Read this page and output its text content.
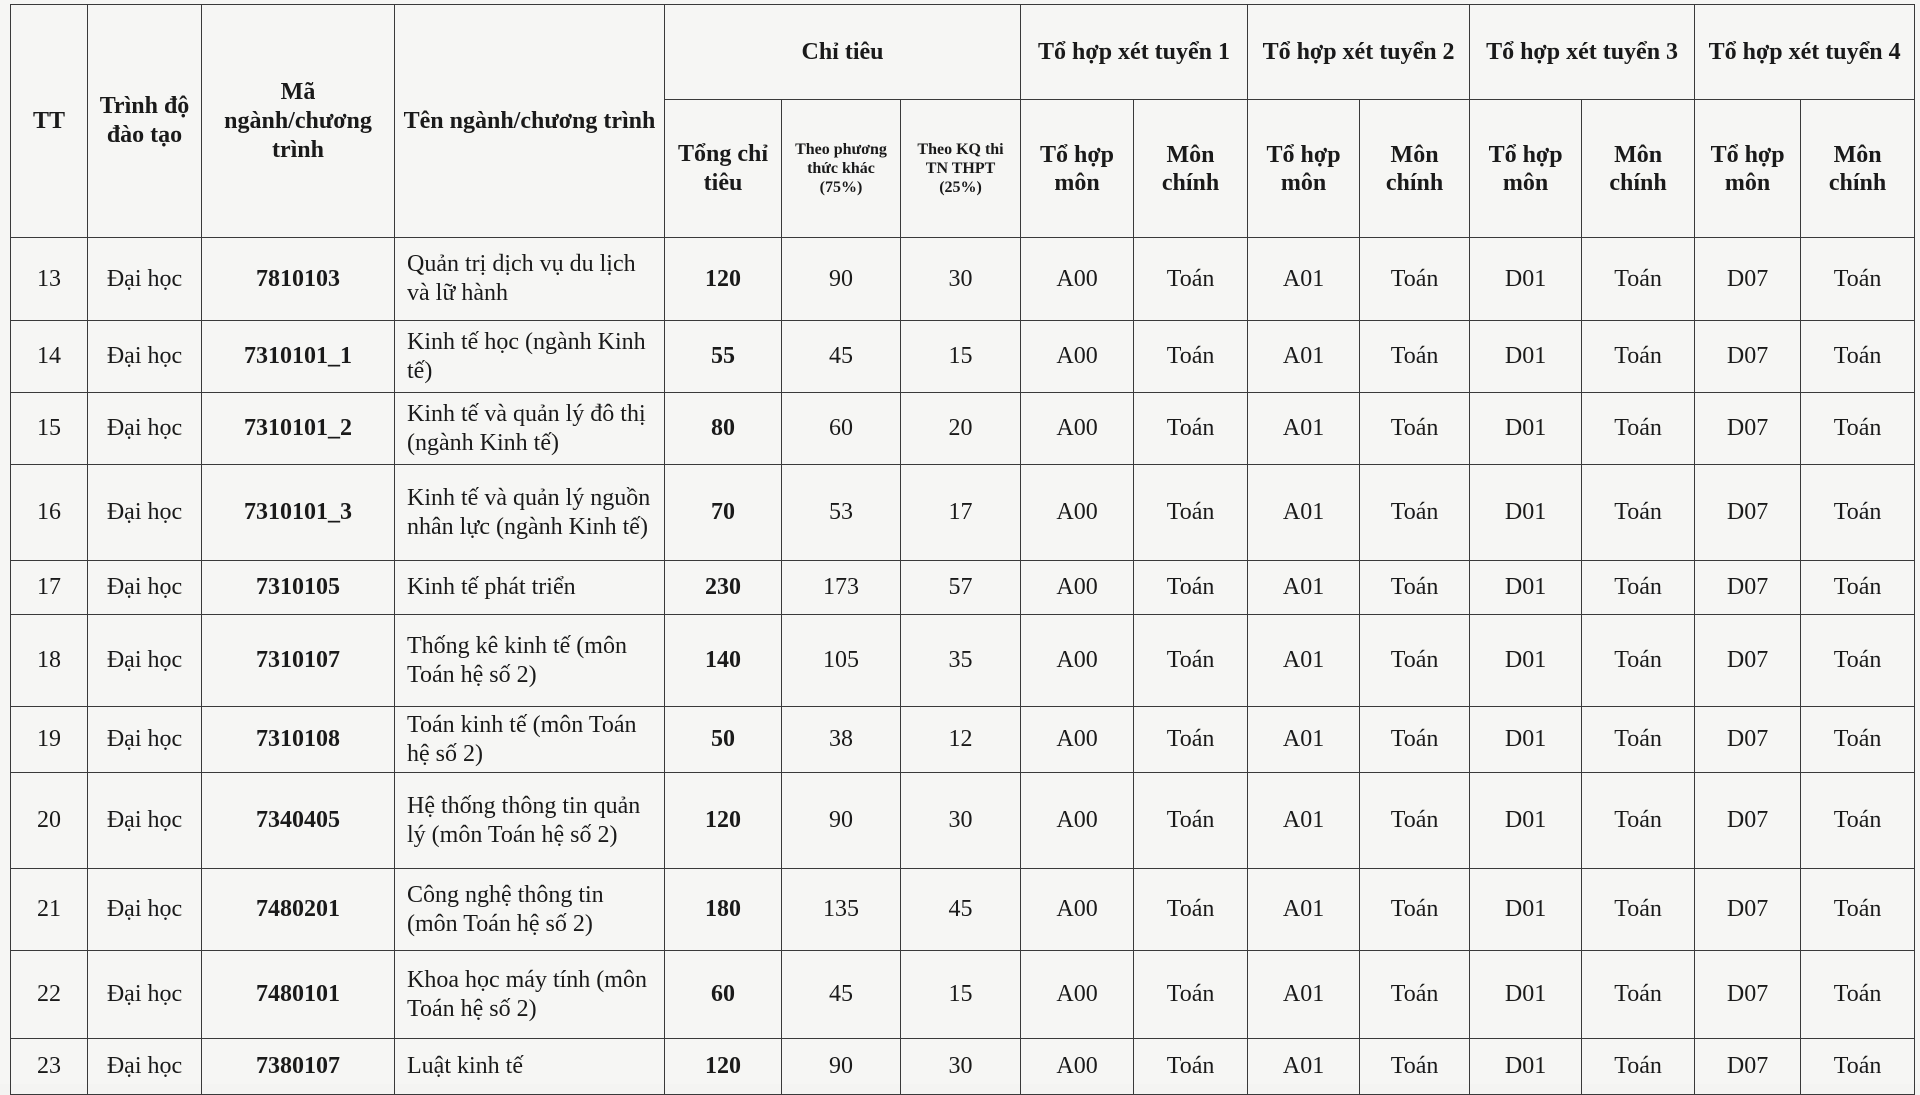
TT	Trình độ đào tạo	Mã ngành/chương trình	Tên ngành/chương trình	Chỉ tiêu			Tổ hợp xét tuyển 1		Tổ hợp xét tuyển 2		Tổ hợp xét tuyển 3		Tổ hợp xét tuyển 4	
				Tổng chỉ tiêu	Theo phương thức khác (75%)	Theo KQ thi TN THPT (25%)	Tổ hợp môn	Môn chính	Tổ hợp môn	Môn chính	Tổ hợp môn	Môn chính	Tổ hợp môn	Môn chính
13	Đại học	7810103	Quản trị dịch vụ du lịch và lữ hành	120	90	30	A00	Toán	A01	Toán	D01	Toán	D07	Toán
14	Đại học	7310101_1	Kinh tế học (ngành Kinh tế)	55	45	15	A00	Toán	A01	Toán	D01	Toán	D07	Toán
15	Đại học	7310101_2	Kinh tế và quản lý đô thị (ngành Kinh tế)	80	60	20	A00	Toán	A01	Toán	D01	Toán	D07	Toán
16	Đại học	7310101_3	Kinh tế và quản lý nguồn nhân lực (ngành Kinh tế)	70	53	17	A00	Toán	A01	Toán	D01	Toán	D07	Toán
17	Đại học	7310105	Kinh tế phát triển	230	173	57	A00	Toán	A01	Toán	D01	Toán	D07	Toán
18	Đại học	7310107	Thống kê kinh tế (môn Toán hệ số 2)	140	105	35	A00	Toán	A01	Toán	D01	Toán	D07	Toán
19	Đại học	7310108	Toán kinh tế (môn Toán hệ số 2)	50	38	12	A00	Toán	A01	Toán	D01	Toán	D07	Toán
20	Đại học	7340405	Hệ thống thông tin quản lý (môn Toán hệ số 2)	120	90	30	A00	Toán	A01	Toán	D01	Toán	D07	Toán
21	Đại học	7480201	Công nghệ thông tin (môn Toán hệ số 2)	180	135	45	A00	Toán	A01	Toán	D01	Toán	D07	Toán
22	Đại học	7480101	Khoa học máy tính (môn Toán hệ số 2)	60	45	15	A00	Toán	A01	Toán	D01	Toán	D07	Toán
23	Đại học	7380107	Luật kinh tế	120	90	30	A00	Toán	A01	Toán	D01	Toán	D07	Toán
